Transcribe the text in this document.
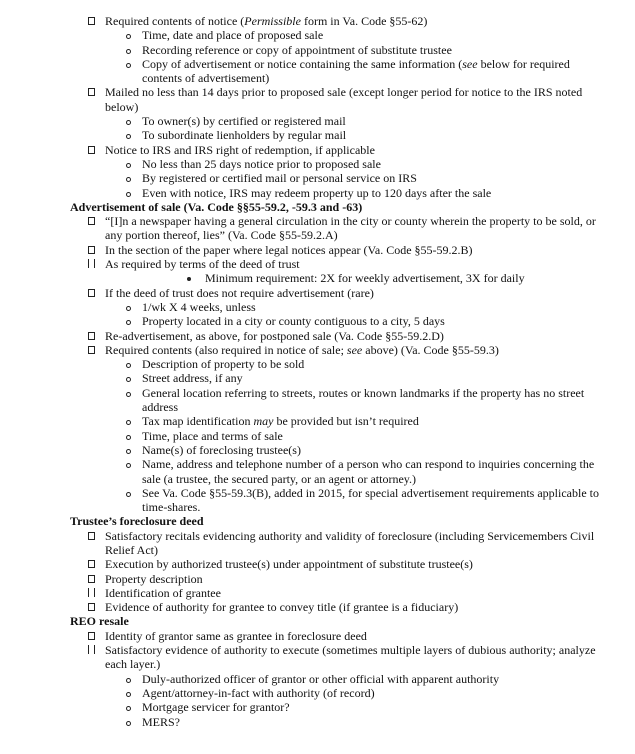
Required contents of notice (Permissible form in Va. Code §55-62)
Time, date and place of proposed sale
Recording reference or copy of appointment of substitute trustee
Copy of advertisement or notice containing the same information (see below for required
contents of advertisement)
Mailed no less than 14 days prior to proposed sale (except longer period for notice to the IRS noted
below)
To owner(s) by certified or registered mail
To subordinate lienholders by regular mail
Notice to IRS and IRS right of redemption, if applicable
No less than 25 days notice prior to proposed sale
By registered or certified mail or personal service on IRS
Even with notice, IRS may redeem property up to 120 days after the sale
Advertisement of sale (Va. Code §§55-59.2, -59.3 and -63)
“[I]n a newspaper having a general circulation in the city or county wherein the property to be sold, or
any portion thereof, lies” (Va. Code §55-59.2.A)
In the section of the paper where legal notices appear (Va. Code §55-59.2.B)
As required by terms of the deed of trust
Minimum requirement: 2X for weekly advertisement, 3X for daily
If the deed of trust does not require advertisement (rare)
1/wk X 4 weeks, unless
Property located in a city or county contiguous to a city, 5 days
Re-advertisement, as above, for postponed sale (Va. Code §55-59.2.D)
Required contents (also required in notice of sale; see above) (Va. Code §55-59.3)
Description of property to be sold
Street address, if any
General location referring to streets, routes or known landmarks if the property has no street
address
Tax map identification may be provided but isn’t required
Time, place and terms of sale
Name(s) of foreclosing trustee(s)
Name, address and telephone number of a person who can respond to inquiries concerning the
sale (a trustee, the secured party, or an agent or attorney.)
See Va. Code §55-59.3(B), added in 2015, for special advertisement requirements applicable to
time-shares.
Trustee’s foreclosure deed
Satisfactory recitals evidencing authority and validity of foreclosure (including Servicemembers Civil
Relief Act)
Execution by authorized trustee(s) under appointment of substitute trustee(s)
Property description
Identification of grantee
Evidence of authority for grantee to convey title (if grantee is a fiduciary)
REO resale
Identity of grantor same as grantee in foreclosure deed
Satisfactory evidence of authority to execute (sometimes multiple layers of dubious authority; analyze
each layer.)
Duly-authorized officer of grantor or other official with apparent authority
Agent/attorney-in-fact with authority (of record)
Mortgage servicer for grantor?
MERS?
